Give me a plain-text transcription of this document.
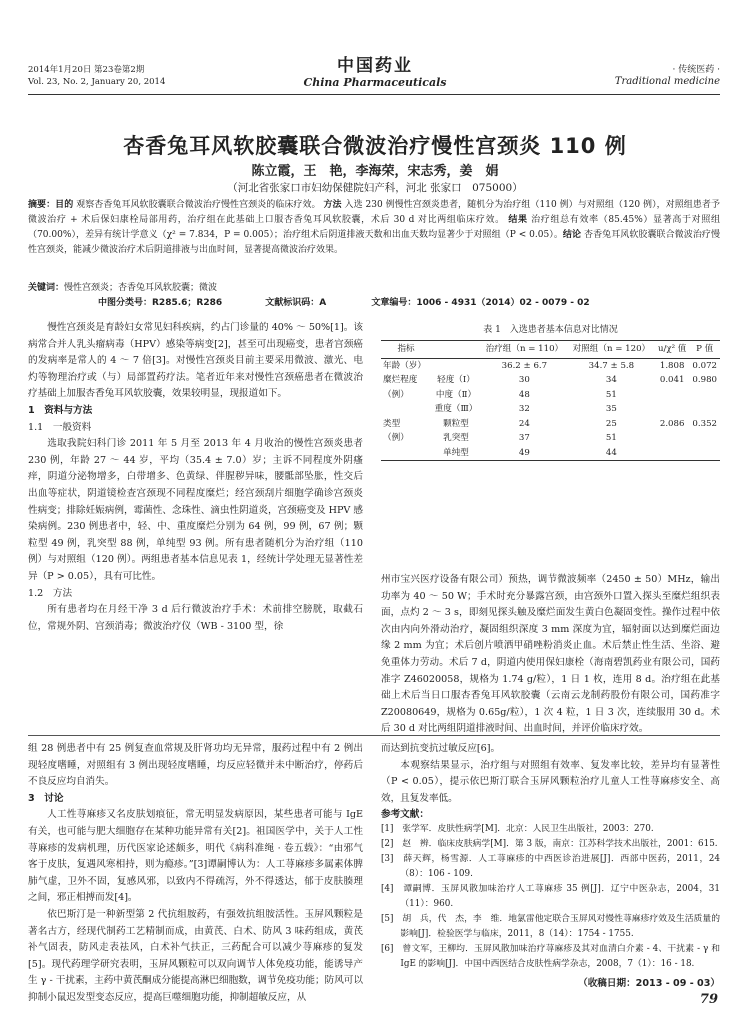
2014年1月20日 第23卷第2期
Vol. 23, No. 2, January 20, 2014
中国药业
China Pharmaceuticals
· 传统医药 ·
Traditional medicine
杏香兔耳风软胶囊联合微波治疗慢性宫颈炎 110 例
陈立霞，王　艳，李海荣，宋志秀，姜　娟
（河北省张家口市妇幼保健院妇产科，河北 张家口　075000）
摘要：目的 观察杏香兔耳风软胶囊联合微波治疗慢性宫颈炎的临床疗效。 方法 入选 230 例慢性宫颈炎患者，随机分为治疗组（110 例）与对照组（120 例），对照组患者予微波治疗 + 术后保妇康栓局部用药，治疗组在此基础上口服杏香兔耳风软胶囊，术后 30 d 对比两组临床疗效。 结果 治疗组总有效率（85.45%）显著高于对照组（70.00%），差异有统计学意义（χ² = 7.834，P = 0.005）；治疗组术后阴道排液天数和出血天数均显著少于对照组（P < 0.05）。结论 杏香兔耳风软胶囊联合微波治疗慢性宫颈炎，能减少微波治疗术后阴道排液与出血时间，显著提高微波治疗效果。
关键词：慢性宫颈炎；杏香兔耳风软胶囊；微波
中图分类号：R285.6；R286	文献标识码：A	文章编号：1006 - 4931（2014）02 - 0079 - 02

慢性宫颈炎是育龄妇女常见妇科疾病，约占门诊量的 40% ～ 50%[1]。该病常合并人乳头瘤病毒（HPV）感染等病变[2]，甚至可出现癌变，患者宫颈癌的发病率是常人的 4 ～ 7 倍[3]。对慢性宫颈炎目前主要采用微波、激光、电灼等物理治疗或（与）局部置药疗法。笔者近年来对慢性宫颈癌患者在微波治疗基础上加服杏香兔耳风软胶囊，效果较明显，现报道如下。

1　资料与方法

1.1　一般资料

选取我院妇科门诊 2011 年 5 月至 2013 年 4 月收治的慢性宫颈炎患者 230 例，年龄 27 ～ 44 岁，平均（35.4 ± 7.0）岁；主诉不同程度外阴瘙痒，阴道分泌物增多，白带增多、色黄绿、伴腥秽异味，腰骶部坠胀，性交后出血等症状，阴道镜检查宫颈现不同程度糜烂；经宫颈刮片细胞学确诊宫颈炎性病变；排除妊娠病例，霉菌性、念珠性、滴虫性阴道炎，宫颈癌变及 HPV 感染病例。230 例患者中，轻、中、重度糜烂分别为 64 例，99 例，67 例；颗粒型 49 例，乳突型 88 例，单纯型 93 例。所有患者随机分为治疗组（110 例）与对照组（120 例）。两组患者基本信息见表 1，经统计学处理无显著性差异（P > 0.05），具有可比性。

1.2　方法

所有患者均在月经干净 3 d 后行微波治疗手术：术前排空膀胱，取截石位，常规外阴、宫颈消毒；微波治疗仪（WB - 3100 型，徐

表 1　入选患者基本信息对比情况
指标		治疗组（n = 110）	对照组（n = 120）	u/χ² 值	P 值
年龄（岁）		36.2 ± 6.7	34.7 ± 5.8	1.808	0.072
糜烂程度	轻度（Ⅰ）	30	34	0.041	0.980
（例）	中度（Ⅱ）	48	51		
	重度（Ⅲ）	32	35		
类型	颗粒型	24	25	2.086	0.352
（例）	乳突型	37	51		
	单纯型	49	44		

州市宝兴医疗设备有限公司）预热，调节微波频率（2450 ± 50）MHz，输出功率为 40 ～ 50 W；手术时充分暴露宫颈，由宫颈外口置入探头至糜烂组织表面，点灼 2 ～ 3 s，即刻见探头触及糜烂面发生黄白色凝固变性。操作过程中依次由内向外滑动治疗，凝固组织深度 3 mm 深度为宜，辐射面以达到糜烂面边缘 2 mm 为宜；术后创片喷洒甲硝唑粉消炎止血。术后禁止性生活、坐浴、避免重体力劳动。术后 7 d，阴道内使用保妇康栓（海南碧凯药业有限公司，国药准字 Z46020058，规格为 1.74 g/粒），1 日 1 枚，连用 8 d。治疗组在此基础上术后当日口服杏香兔耳风软胶囊（云南云龙制药股份有限公司，国药准字 Z20080649，规格为 0.65g/粒），1 次 4 粒，1 日 3 次，连续服用 30 d。术后 30 d 对比两组阴道排液时间、出血时间，并评价临床疗效。

组 28 例患者中有 25 例复查血常规及肝肾功均无异常，服药过程中有 2 例出现轻度嗜睡，对照组有 3 例出现轻度嗜睡，均反应轻微并未中断治疗，停药后不良反应均自消失。

3　讨论

人工性荨麻疹又名皮肤划痕征，常无明显发病原因，某些患者可能与 IgE 有关，也可能与肥大细胞存在某种功能异常有关[2]。祖国医学中，关于人工性荨麻疹的发病机理，历代医家论述颇多，明代《病科准绳 · 卷五载》：“由邪气客于皮肤，复遇风寒相持，则为瘾疹。”[3]谭嗣博认为：人工荨麻疹多属素体脾肺气虚，卫外不固，复感风邪，以致内不得疏泻，外不得透达，郁于皮肤腠理之间，邪正相搏而发[4]。

依巴斯汀是一种新型第 2 代抗组胺药，有强效抗组胺活性。玉屏风颗粒是著名古方，经现代制药工艺精制而成，由黄芪、白术、防风 3 味药组成，黄芪补气固表，防风走表祛风，白术补气扶正，三药配合可以减少荨麻疹的复发[5]。现代药理学研究表明，玉屏风颗粒可以双向调节人体免疫功能，能诱导产生 γ - 干扰素，主药中黄芪酮成分能提高淋巴细胞数，调节免疫功能；防风可以抑制小鼠迟发型变态反应，提高巨噬细胞功能，抑制超敏反应，从

而达到抗变抗过敏反应[6]。

本观察结果显示，治疗组与对照组有效率、复发率比较，差异均有显著性（P < 0.05），提示依巴斯汀联合玉屏风颗粒治疗儿童人工性荨麻疹安全、高效，且复发率低。

参考文献：
[1]　张学军．皮肤性病学[M]．北京：人民卫生出版社，2003：270.
[2]　赵　辨．临床皮肤病学[M]．第 3 版，南京：江苏科学技术出版社，2001：615.
[3]　薛天辉，杨雪源．人工荨麻疹的中西医诊治进展[J]．西部中医药，2011，24（8）：106 - 109.
[4]　谭嗣博．玉屏风散加味治疗人工荨麻疹 35 例[J]．辽宁中医杂志，2004，31（11）：960.
[5]　胡　兵，代　杰，李　维．地氯雷他定联合玉屏风对慢性荨麻疹疗效及生活质量的影响[J]．检验医学与临床，2011，8（14）：1754 - 1755.
[6]　曾文军，王柳均．玉屏风散加味治疗荨麻疹及其对血清白介素 - 4、干扰素 - γ 和 IgE 的影响[J]．中国中西医结合皮肤性病学杂志，2008，7（1）：16 - 18.
（收稿日期：2013 - 09 - 03）
79
